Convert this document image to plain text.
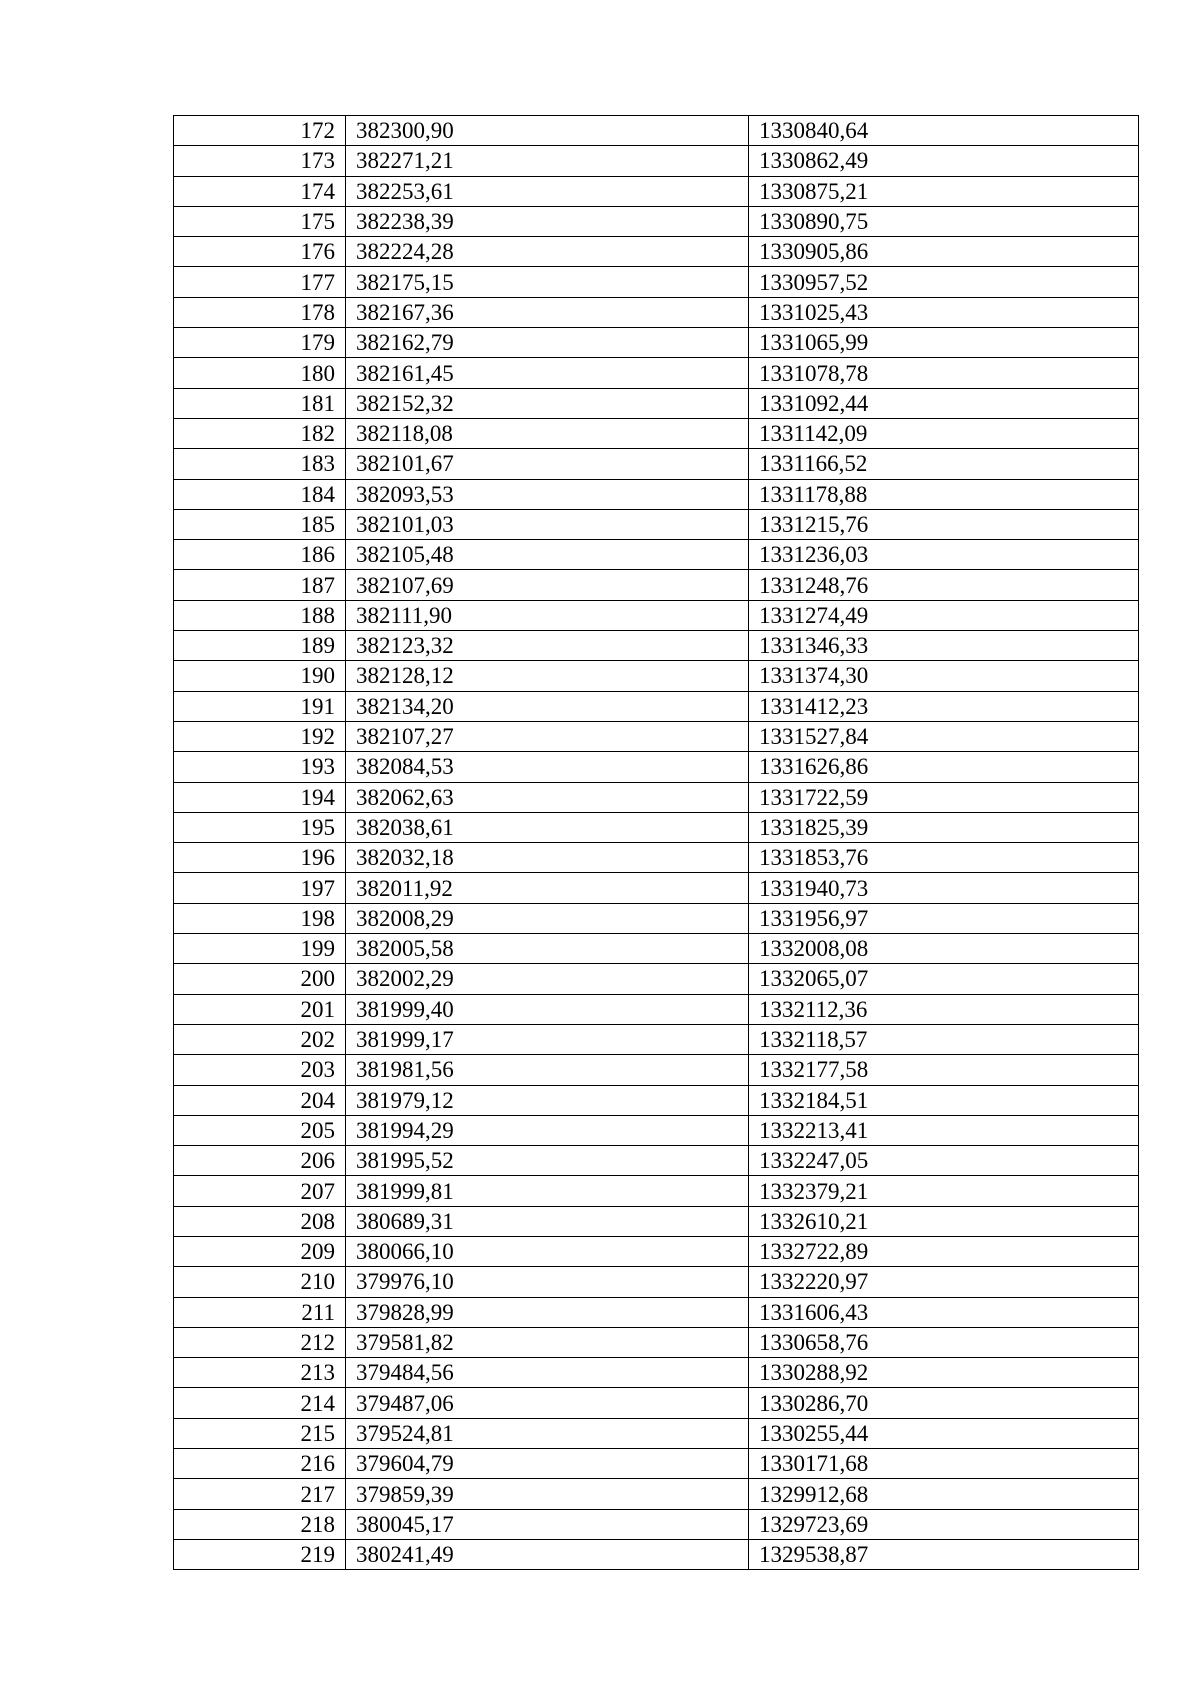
172	382300,90	1330840,64
173	382271,21	1330862,49
174	382253,61	1330875,21
175	382238,39	1330890,75
176	382224,28	1330905,86
177	382175,15	1330957,52
178	382167,36	1331025,43
179	382162,79	1331065,99
180	382161,45	1331078,78
181	382152,32	1331092,44
182	382118,08	1331142,09
183	382101,67	1331166,52
184	382093,53	1331178,88
185	382101,03	1331215,76
186	382105,48	1331236,03
187	382107,69	1331248,76
188	382111,90	1331274,49
189	382123,32	1331346,33
190	382128,12	1331374,30
191	382134,20	1331412,23
192	382107,27	1331527,84
193	382084,53	1331626,86
194	382062,63	1331722,59
195	382038,61	1331825,39
196	382032,18	1331853,76
197	382011,92	1331940,73
198	382008,29	1331956,97
199	382005,58	1332008,08
200	382002,29	1332065,07
201	381999,40	1332112,36
202	381999,17	1332118,57
203	381981,56	1332177,58
204	381979,12	1332184,51
205	381994,29	1332213,41
206	381995,52	1332247,05
207	381999,81	1332379,21
208	380689,31	1332610,21
209	380066,10	1332722,89
210	379976,10	1332220,97
211	379828,99	1331606,43
212	379581,82	1330658,76
213	379484,56	1330288,92
214	379487,06	1330286,70
215	379524,81	1330255,44
216	379604,79	1330171,68
217	379859,39	1329912,68
218	380045,17	1329723,69
219	380241,49	1329538,87
